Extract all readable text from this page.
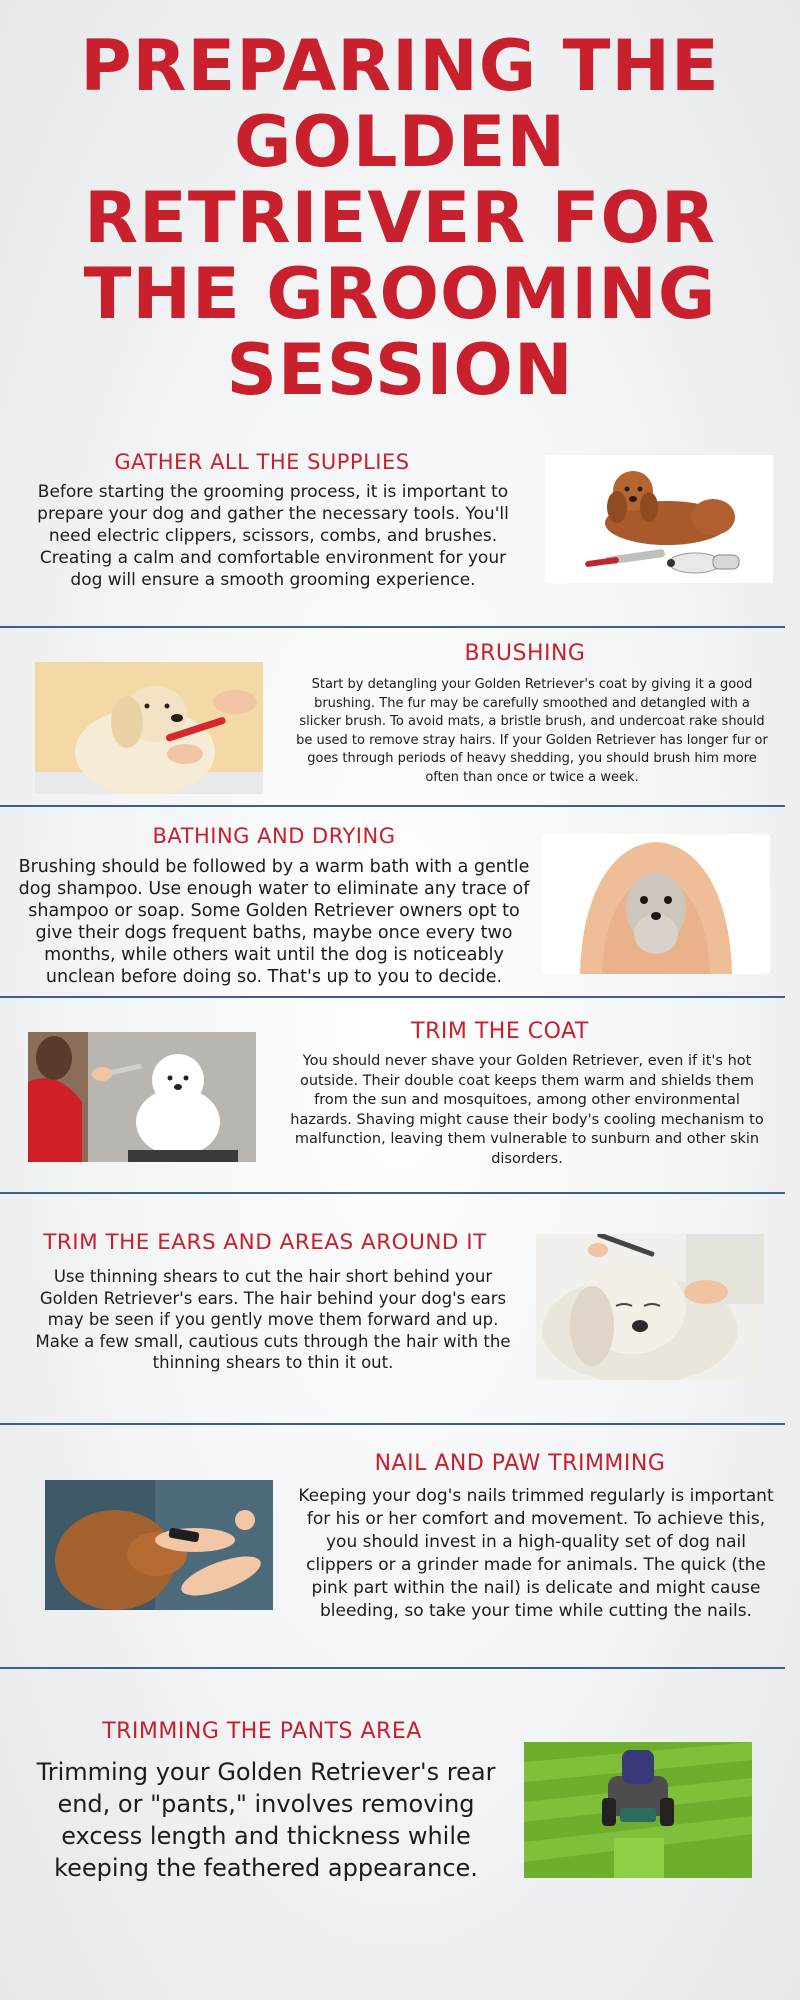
PREPARING THE GOLDEN RETRIEVER FOR THE GROOMING SESSION
GATHER ALL THE SUPPLIES
Before starting the grooming process, it is important to prepare your dog and gather the necessary tools. You'll need electric clippers, scissors, combs, and brushes. Creating a calm and comfortable environment for your dog will ensure a smooth grooming experience.
BRUSHING
Start by detangling your Golden Retriever's coat by giving it a good brushing. The fur may be carefully smoothed and detangled with a slicker brush. To avoid mats, a bristle brush, and undercoat rake should be used to remove stray hairs. If your Golden Retriever has longer fur or goes through periods of heavy shedding, you should brush him more often than once or twice a week.
BATHING AND DRYING
Brushing should be followed by a warm bath with a gentle dog shampoo. Use enough water to eliminate any trace of shampoo or soap. Some Golden Retriever owners opt to give their dogs frequent baths, maybe once every two months, while others wait until the dog is noticeably unclean before doing so. That's up to you to decide.
TRIM THE COAT
You should never shave your Golden Retriever, even if it's hot outside. Their double coat keeps them warm and shields them from the sun and mosquitoes, among other environmental hazards. Shaving might cause their body's cooling mechanism to malfunction, leaving them vulnerable to sunburn and other skin disorders.
TRIM THE EARS AND AREAS AROUND IT
Use thinning shears to cut the hair short behind your Golden Retriever's ears. The hair behind your dog's ears may be seen if you gently move them forward and up. Make a few small, cautious cuts through the hair with the thinning shears to thin it out.
NAIL AND PAW TRIMMING
Keeping your dog's nails trimmed regularly is important for his or her comfort and movement. To achieve this, you should invest in a high-quality set of dog nail clippers or a grinder made for animals. The quick (the pink part within the nail) is delicate and might cause bleeding, so take your time while cutting the nails.
TRIMMING THE PANTS AREA
Trimming your Golden Retriever's rear end, or "pants," involves removing excess length and thickness while keeping the feathered appearance.
